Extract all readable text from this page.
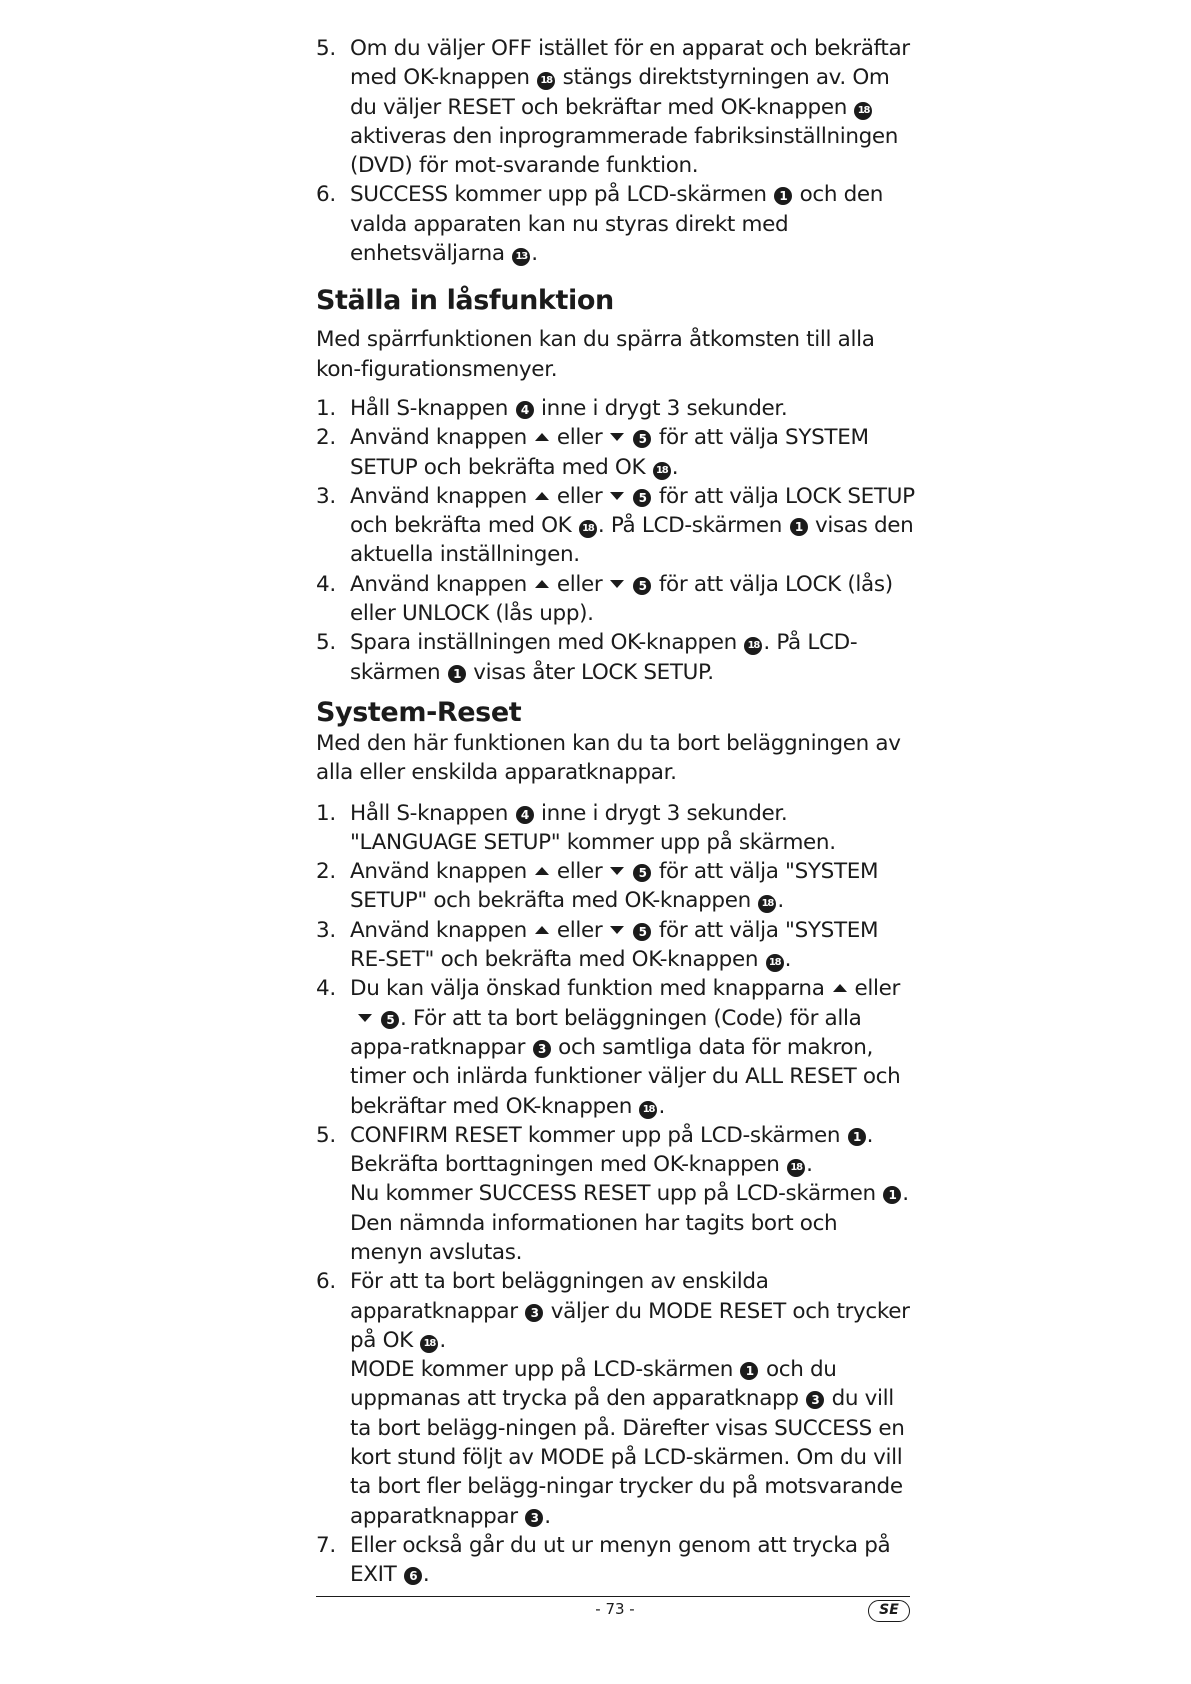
5. Om du väljer OFF istället för en apparat och bekräftar med OK-knappen 18 stängs direktstyrningen av. Om du väljer RESET och bekräftar med OK-knappen 18 aktiveras den inprogrammerade fabriksinställningen (DVD) för mot-svarande funktion.
6. SUCCESS kommer upp på LCD-skärmen 1 och den valda apparaten kan nu styras direkt med enhetsväljarna 13 .
Ställa in låsfunktion

Med spärrfunktionen kan du spärra åtkomsten till alla kon-figurationsmenyer.

1. Håll S-knappen 4 inne i drygt 3 sekunder.
2. Använd knappen eller	5 för att välja SYSTEM SETUP och bekräfta med OK 18 .
3. Använd knappen eller	5 för att välja LOCK SETUP och bekräfta med OK 18 . På LCD-skärmen 1 visas den aktuella inställningen.
4. Använd knappen eller	5 för att välja LOCK (lås) eller UNLOCK (lås upp).
5. Spara inställningen med OK-knappen 18 . På LCD-skärmen 1 visas åter LOCK SETUP.
System-Reset

Med den här funktionen kan du ta bort beläggningen av alla eller enskilda apparatknappar.

1. Håll S-knappen 4 inne i drygt 3 sekunder. "LANGUAGE SETUP" kommer upp på skärmen.
2. Använd knappen eller	5 för att välja "SYSTEM SETUP" och bekräfta med OK-knappen 18 .
3. Använd knappen eller	5 för att välja "SYSTEM RE-SET" och bekräfta med OK-knappen 18 .
4. Du kan välja önskad funktion med knapparna eller 5 . För att ta bort beläggningen (Code) för alla appa-ratknappar 3 och samtliga data för makron, timer och inlärda funktioner väljer du ALL RESET och bekräftar med OK-knappen 18 .
5. CONFIRM RESET kommer upp på LCD-skärmen 1 .
Bekräfta borttagningen med OK-knappen 18 .
Nu kommer SUCCESS RESET upp på LCD-skärmen 1 .
Den nämnda informationen har tagits bort och menyn avslutas.
6. För att ta bort beläggningen av enskilda apparatknappar 3 väljer du MODE RESET och trycker på OK 18 .
MODE kommer upp på LCD-skärmen 1 och du uppmanas att trycka på den apparatknapp 3 du vill ta bort belägg-ningen på. Därefter visas SUCCESS en kort stund följt av MODE på LCD-skärmen. Om du vill ta bort fler belägg-ningar trycker du på motsvarande apparatknappar 3 .
7. Eller också går du ut ur menyn genom att trycka på EXIT 6 .
- 73 -	SE
